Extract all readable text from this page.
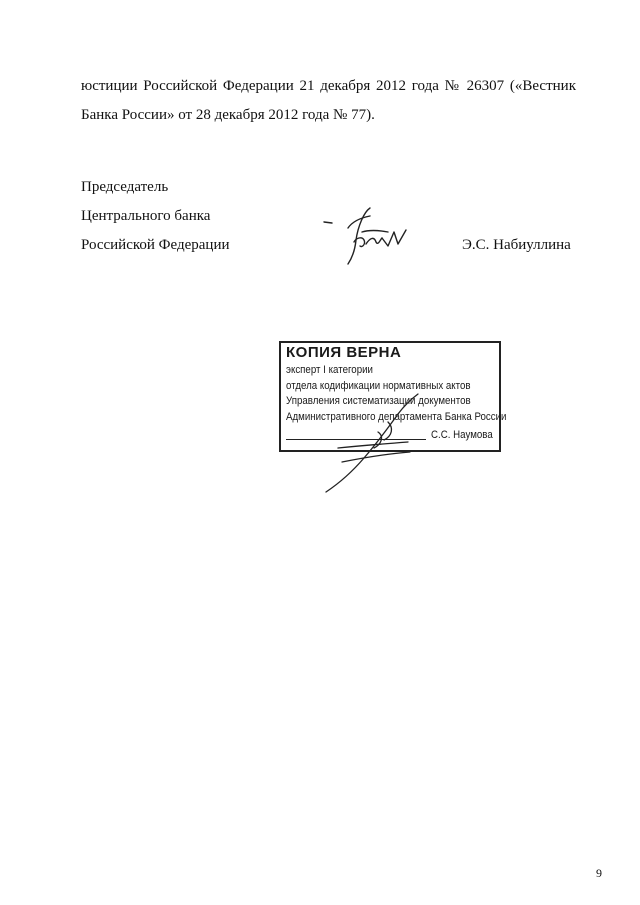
юстиции Российской Федерации 21 декабря 2012 года № 26307 («Вестник
Банка России» от 28 декабря 2012 года № 77).
Председатель
Центрального банка
Российской Федерации	Э.С. Набиуллина
КОПИЯ ВЕРНА
эксперт I категории
отдела кодификации нормативных актов
Управления систематизации документов
Административного департамента Банка России
С.С. Наумова
9
